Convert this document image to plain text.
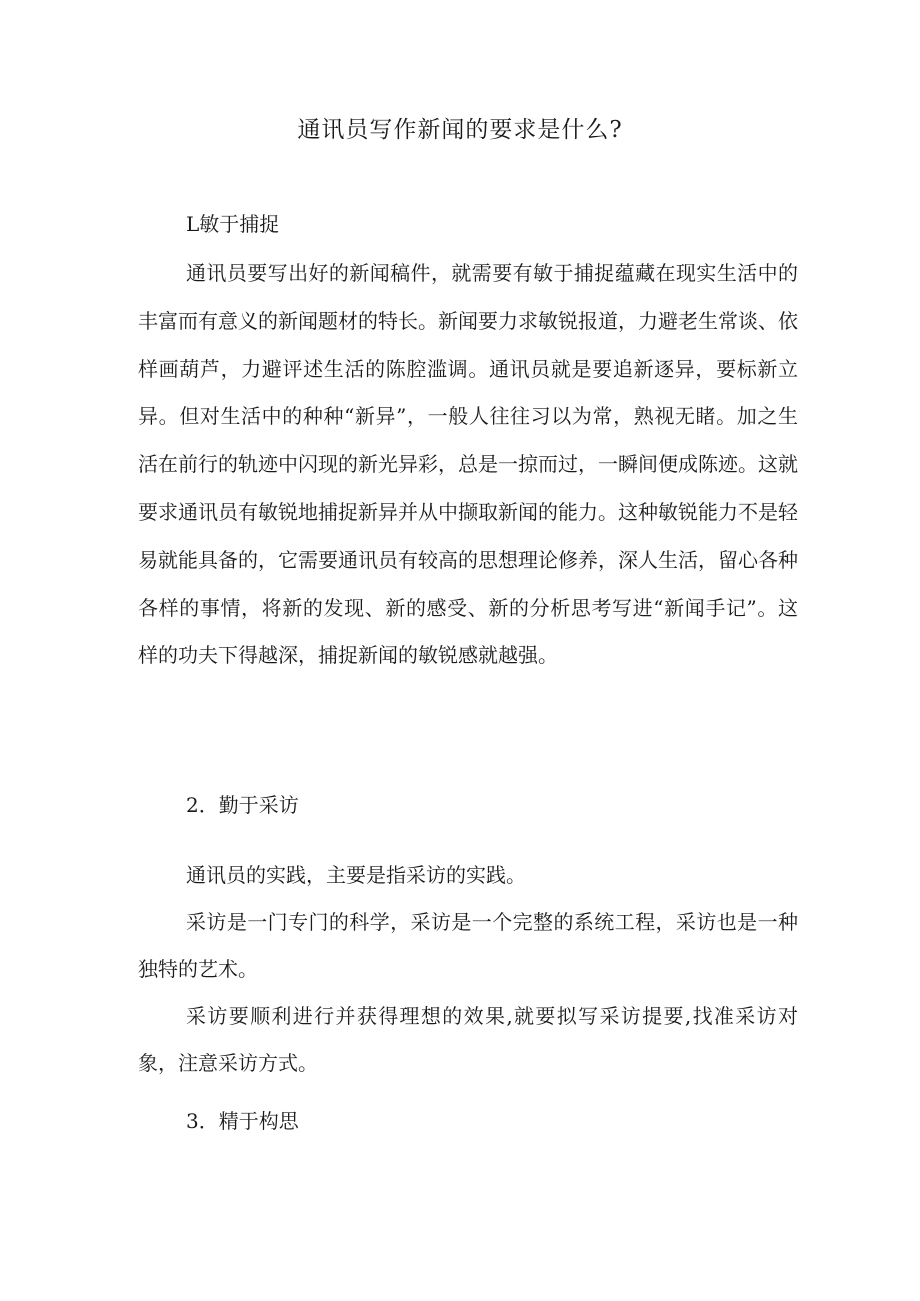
通讯员写作新闻的要求是什么?
L敏于捕捉

通讯员要写出好的新闻稿件，就需要有敏于捕捉蕴藏在现实生活中的丰富而有意义的新闻题材的特长。新闻要力求敏锐报道，力避老生常谈、依样画葫芦，力避评述生活的陈腔滥调。通讯员就是要追新逐异，要标新立异。但对生活中的种种“新异”，一般人往往习以为常，熟视无睹。加之生活在前行的轨迹中闪现的新光异彩，总是一掠而过，一瞬间便成陈迹。这就要求通讯员有敏锐地捕捉新异并从中撷取新闻的能力。这种敏锐能力不是轻易就能具备的，它需要通讯员有较高的思想理论修养，深人生活，留心各种各样的事情，将新的发现、新的感受、新的分析思考写进“新闻手记”。这样的功夫下得越深，捕捉新闻的敏锐感就越强。

2．勤于采访

通讯员的实践，主要是指采访的实践。

采访是一门专门的科学，采访是一个完整的系统工程，采访也是一种独特的艺术。

采访要顺利进行并获得理想的效果,就要拟写采访提要,找准采访对象，注意采访方式。

3．精于构思
